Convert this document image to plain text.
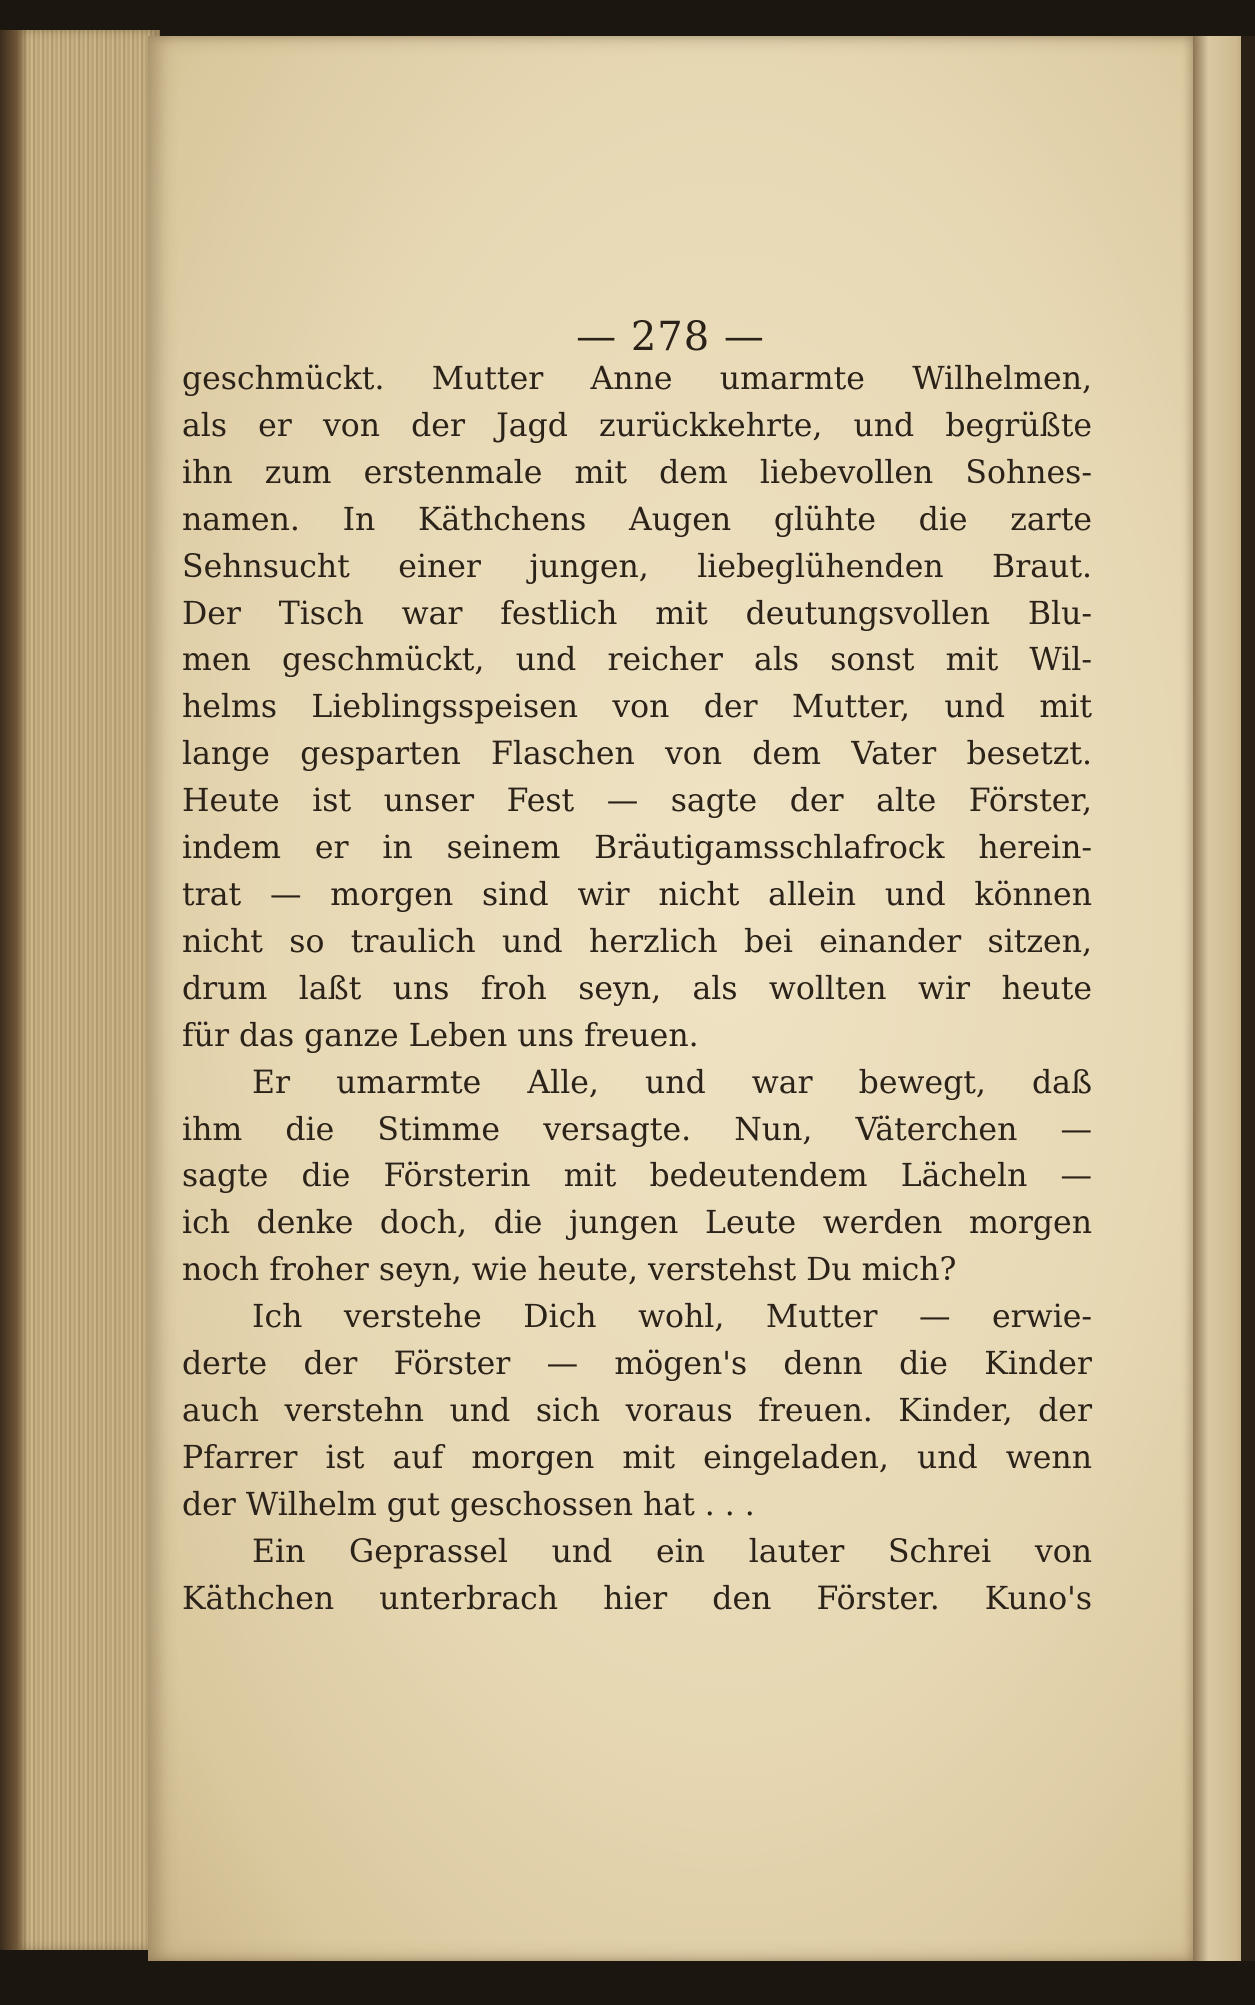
— 278 —
geschmückt. Mutter Anne umarmte Wilhelmen,
als er von der Jagd zurückkehrte, und begrüßte
ihn zum erstenmale mit dem liebevollen Sohnes-
namen. In Käthchens Augen glühte die zarte
Sehnsucht einer jungen, liebeglühenden Braut.
Der Tisch war festlich mit deutungsvollen Blu-
men geschmückt, und reicher als sonst mit Wil-
helms Lieblingsspeisen von der Mutter, und mit
lange gesparten Flaschen von dem Vater besetzt.
Heute ist unser Fest — sagte der alte Förster,
indem er in seinem Bräutigamsschlafrock herein-
trat — morgen sind wir nicht allein und können
nicht so traulich und herzlich bei einander sitzen,
drum laßt uns froh seyn, als wollten wir heute
für das ganze Leben uns freuen.
Er umarmte Alle, und war bewegt, daß
ihm die Stimme versagte. Nun, Väterchen —
sagte die Försterin mit bedeutendem Lächeln —
ich denke doch, die jungen Leute werden morgen
noch froher seyn, wie heute, verstehst Du mich?
Ich verstehe Dich wohl, Mutter — erwie-
derte der Förster — mögen's denn die Kinder
auch verstehn und sich voraus freuen. Kinder, der
Pfarrer ist auf morgen mit eingeladen, und wenn
der Wilhelm gut geschossen hat . . .
Ein Geprassel und ein lauter Schrei von
Käthchen unterbrach hier den Förster. Kuno's
